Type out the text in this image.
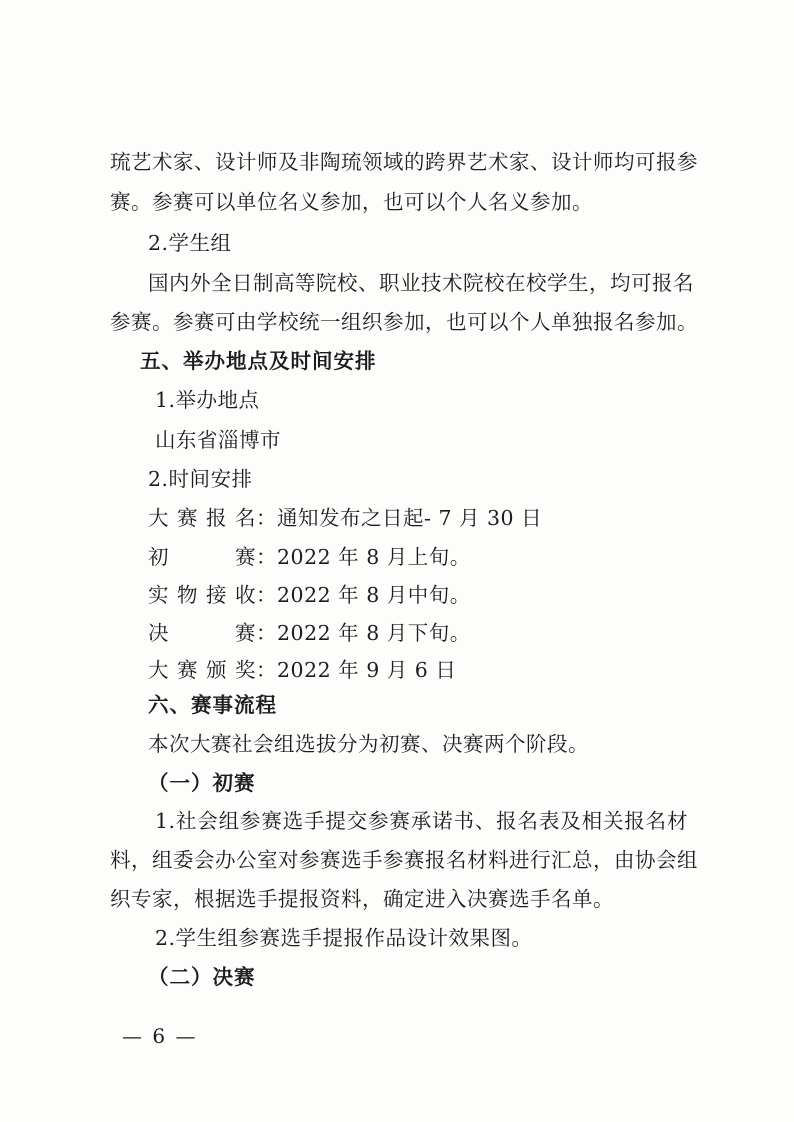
琉艺术家、设计师及非陶琉领域的跨界艺术家、设计师均可报参
赛。参赛可以单位名义参加，也可以个人名义参加。
2.学生组
国内外全日制高等院校、职业技术院校在校学生，均可报名
参赛。参赛可由学校统一组织参加，也可以个人单独报名参加。
五、举办地点及时间安排
1.举办地点
山东省淄博市
2.时间安排
大赛报名：通知发布之日起- 7 月 30 日
初赛：2022 年 8 月上旬。
实物接收：2022 年 8 月中旬。
决赛：2022 年 8 月下旬。
大赛颁奖：2022 年 9 月 6 日
六、赛事流程
本次大赛社会组选拔分为初赛、决赛两个阶段。
（一）初赛
1.社会组参赛选手提交参赛承诺书、报名表及相关报名材
料，组委会办公室对参赛选手参赛报名材料进行汇总，由协会组
织专家，根据选手提报资料，确定进入决赛选手名单。
2.学生组参赛选手提报作品设计效果图。
（二）决赛
— 6 —
